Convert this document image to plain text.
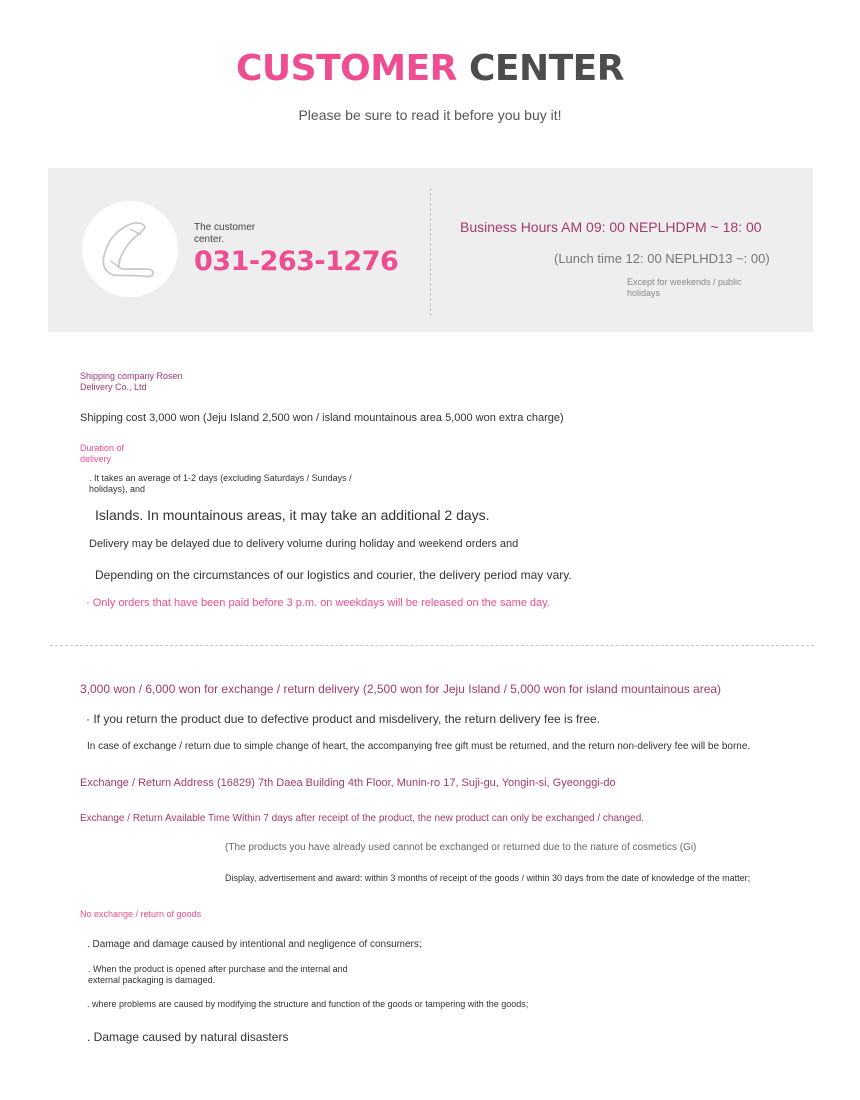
CUSTOMER CENTER
Please be sure to read it before you buy it!
The customer center.
031-263-1276
Business Hours AM 09: 00 NEPLHDPM ~ 18: 00
(Lunch time 12: 00 NEPLHD13 ~: 00)
Except for weekends / public holidays
Shipping company Rosen Delivery Co., Ltd
Shipping cost 3,000 won (Jeju Island 2,500 won / island mountainous area 5,000 won extra charge)
Duration of delivery
. It takes an average of 1-2 days (excluding Saturdays / Sundays / holidays), and
Islands. In mountainous areas, it may take an additional 2 days.
Delivery may be delayed due to delivery volume during holiday and weekend orders and
Depending on the circumstances of our logistics and courier, the delivery period may vary.
· Only orders that have been paid before 3 p.m. on weekdays will be released on the same day.
3,000 won / 6,000 won for exchange / return delivery (2,500 won for Jeju Island / 5,000 won for island mountainous area)
· If you return the product due to defective product and misdelivery, the return delivery fee is free.
In case of exchange / return due to simple change of heart, the accompanying free gift must be returned, and the return non-delivery fee will be borne.
Exchange / Return Address (16829) 7th Daea Building 4th Floor, Munin-ro 17, Suji-gu, Yongin-si, Gyeonggi-do
Exchange / Return Available Time Within 7 days after receipt of the product, the new product can only be exchanged / changed.
(The products you have already used cannot be exchanged or returned due to the nature of cosmetics (Gi)
Display, advertisement and award: within 3 months of receipt of the goods / within 30 days from the date of knowledge of the matter;
No exchange / return of goods
. Damage and damage caused by intentional and negligence of consumers;
. When the product is opened after purchase and the internal and external packaging is damaged.
. where problems are caused by modifying the structure and function of the goods or tampering with the goods;
. Damage caused by natural disasters
